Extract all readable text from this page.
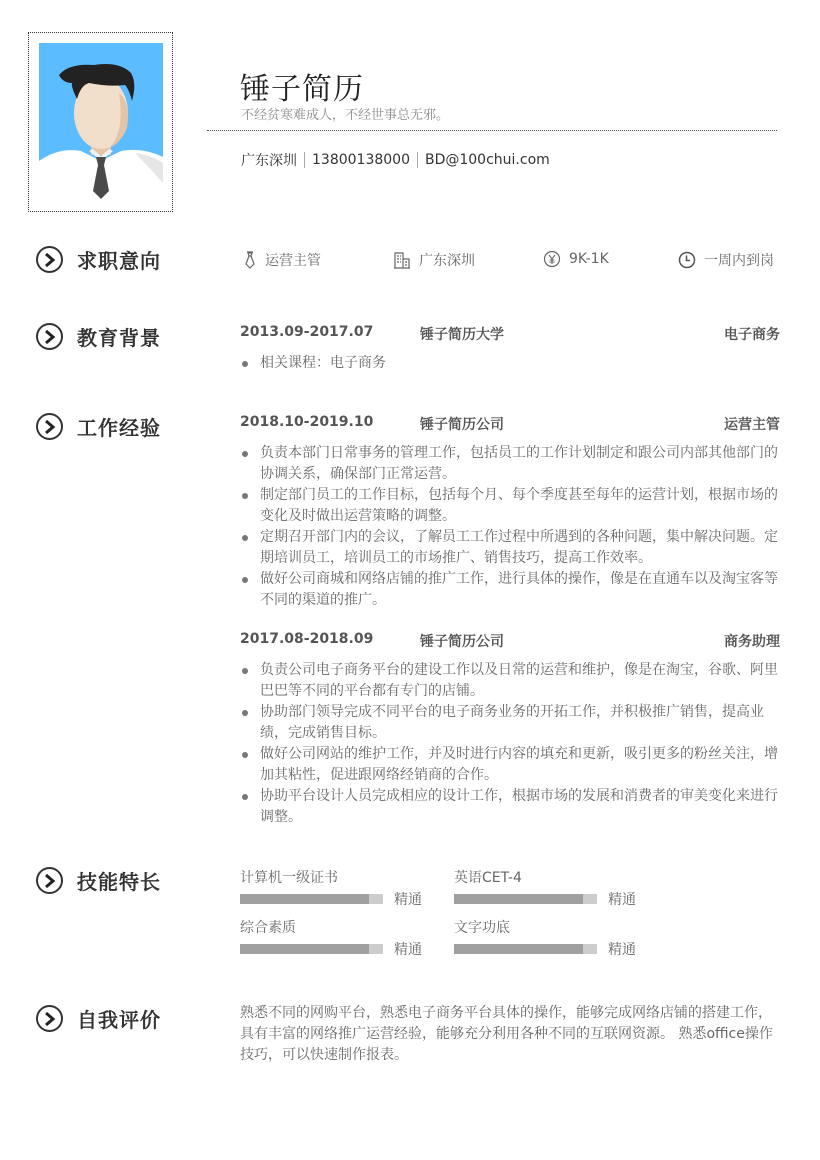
锤子简历
不经贫寒难成人，不经世事总无邪。
广东深圳 13800138000 BD@100chui.com
求职意向	运营主管	广东深圳	9K-1K	一周内到岗
教育背景	2013.09-2017.07	锤子简历大学	电子商务
相关课程：电子商务
工作经验	2018.10-2019.10	锤子简历公司	运营主管
负责本部门日常事务的管理工作，包括员工的工作计划制定和跟公司内部其他部门的协调关系，确保部门正常运营。
制定部门员工的工作目标，包括每个月、每个季度甚至每年的运营计划，根据市场的变化及时做出运营策略的调整。
定期召开部门内的会议，了解员工工作过程中所遇到的各种问题，集中解决问题。定期培训员工，培训员工的市场推广、销售技巧，提高工作效率。
做好公司商城和网络店铺的推广工作，进行具体的操作，像是在直通车以及淘宝客等不同的渠道的推广。
2017.08-2018.09	锤子简历公司	商务助理
负责公司电子商务平台的建设工作以及日常的运营和维护，像是在淘宝，谷歌、阿里巴巴等不同的平台都有专门的店铺。
协助部门领导完成不同平台的电子商务业务的开拓工作，并积极推广销售，提高业绩，完成销售目标。
做好公司网站的维护工作，并及时进行内容的填充和更新，吸引更多的粉丝关注，增加其粘性，促进跟网络经销商的合作。
协助平台设计人员完成相应的设计工作，根据市场的发展和消费者的审美变化来进行调整。
技能特长	计算机一级证书
精通
英语CET-4
精通
综合素质
精通
文字功底
精通
自我评价	熟悉不同的网购平台，熟悉电子商务平台具体的操作，能够完成网络店铺的搭建工作，具有丰富的网络推广运营经验，能够充分利用各种不同的互联网资源。 熟悉office操作技巧，可以快速制作报表。
